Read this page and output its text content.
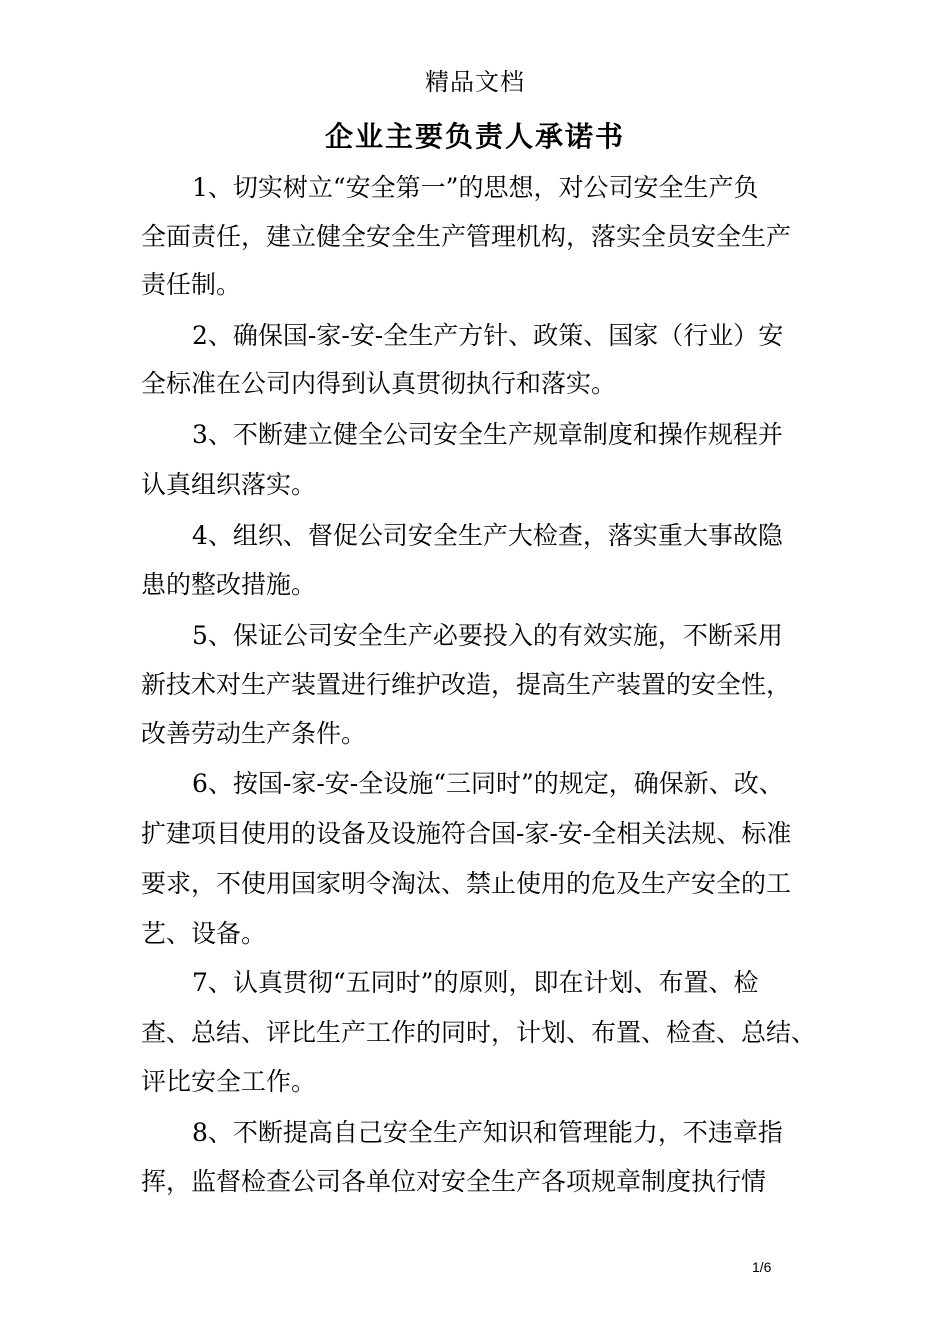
精品文档
企业主要负责人承诺书
1、切实树立“安全第一”的思想，对公司安全生产负
全面责任，建立健全安全生产管理机构，落实全员安全生产
责任制。
2、确保国-家-安-全生产方针、政策、国家（行业）安
全标准在公司内得到认真贯彻执行和落实。
3、不断建立健全公司安全生产规章制度和操作规程并
认真组织落实。
4、组织、督促公司安全生产大检查，落实重大事故隐
患的整改措施。
5、保证公司安全生产必要投入的有效实施，不断采用
新技术对生产装置进行维护改造，提高生产装置的安全性，
改善劳动生产条件。
6、按国-家-安-全设施“三同时”的规定，确保新、改、
扩建项目使用的设备及设施符合国-家-安-全相关法规、标准
要求，不使用国家明令淘汰、禁止使用的危及生产安全的工
艺、设备。
7、认真贯彻“五同时”的原则，即在计划、布置、检
查、总结、评比生产工作的同时，计划、布置、检查、总结、
评比安全工作。
8、不断提高自己安全生产知识和管理能力，不违章指
挥，监督检查公司各单位对安全生产各项规章制度执行情
1/6
